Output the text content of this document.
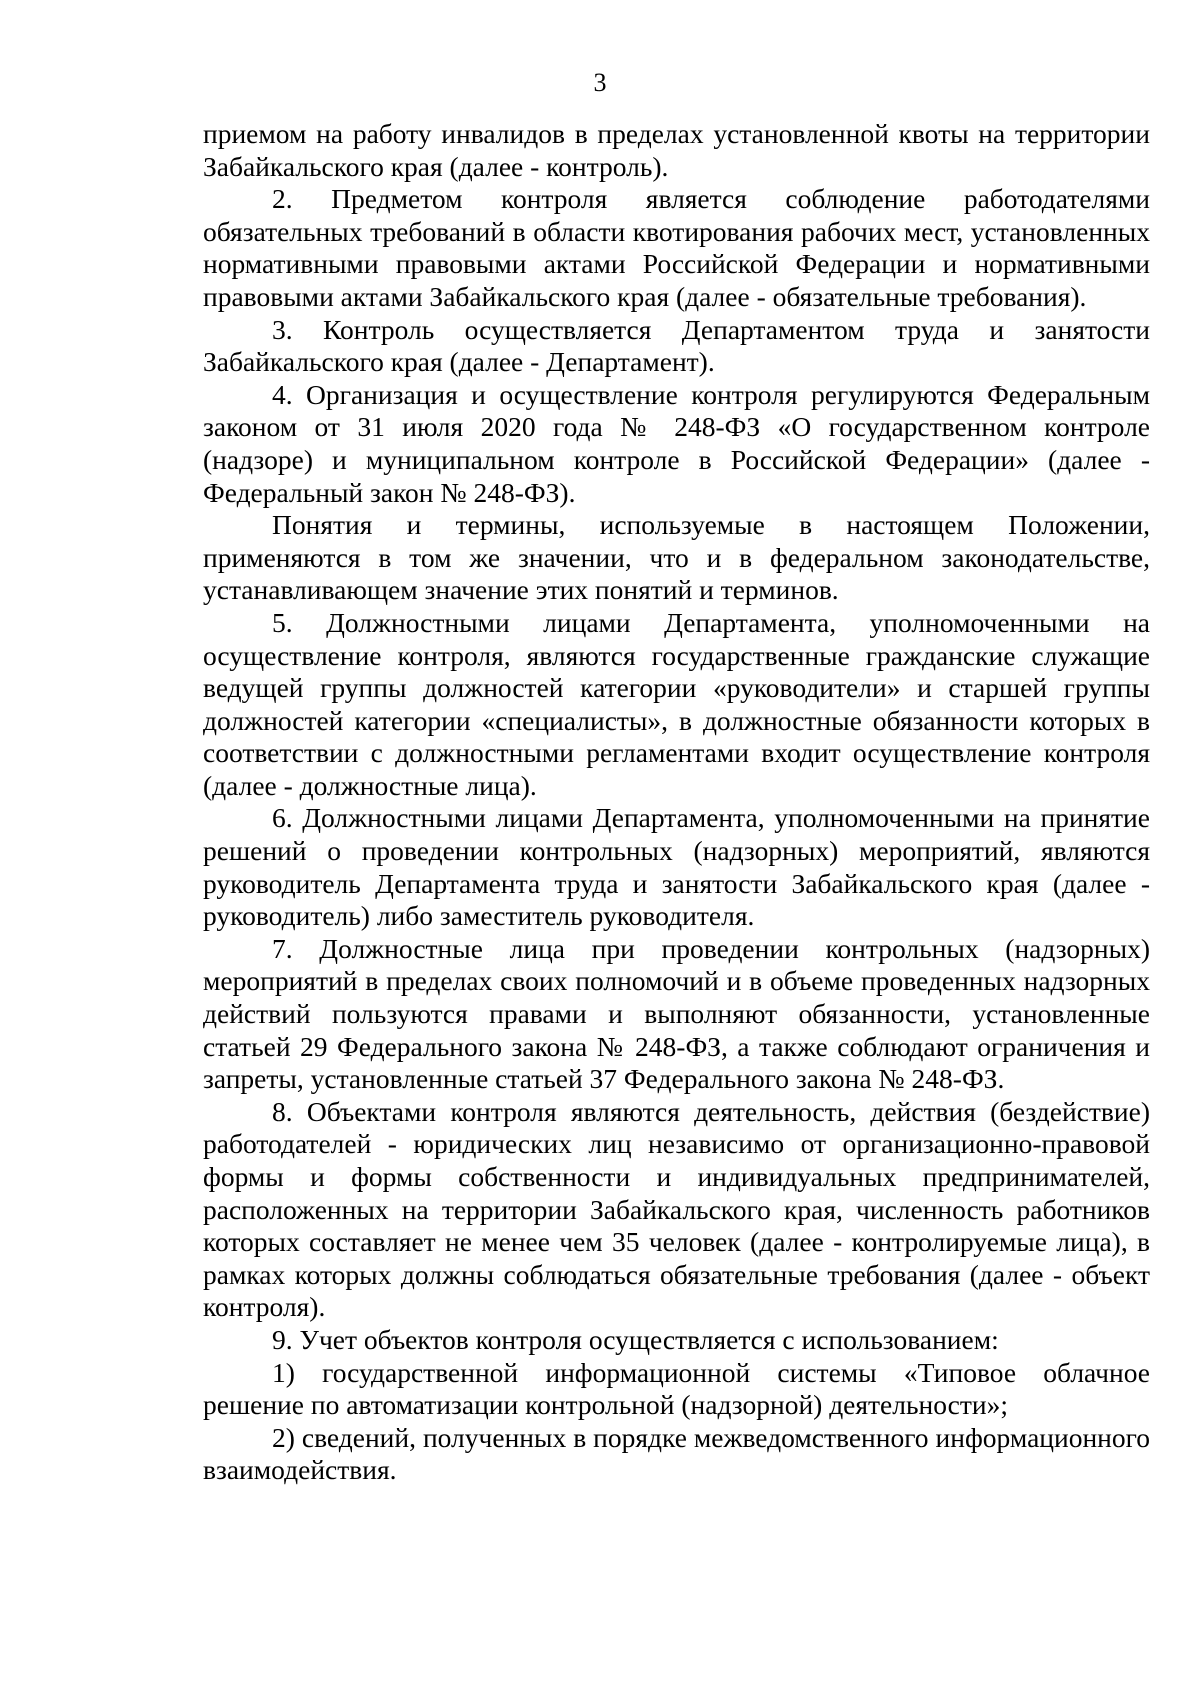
3

приемом на работу инвалидов в пределах установленной квоты на территории Забайкальского края (далее - контроль).

2. Предметом контроля является соблюдение работодателями обязательных требований в области квотирования рабочих мест, установленных нормативными правовыми актами Российской Федерации и нормативными правовыми актами Забайкальского края (далее - обязательные требования).

3. Контроль осуществляется Департаментом труда и занятости Забайкальского края (далее - Департамент).

4. Организация и осуществление контроля регулируются Федеральным законом от 31 июля 2020 года № 248-ФЗ «О государственном контроле (надзоре) и муниципальном контроле в Российской Федерации» (далее - Федеральный закон № 248-ФЗ).

Понятия и термины, используемые в настоящем Положении, применяются в том же значении, что и в федеральном законодательстве, устанавливающем значение этих понятий и терминов.

5. Должностными лицами Департамента, уполномоченными на осуществление контроля, являются государственные гражданские служащие ведущей группы должностей категории «руководители» и старшей группы должностей категории «специалисты», в должностные обязанности которых в соответствии с должностными регламентами входит осуществление контроля (далее - должностные лица).

6. Должностными лицами Департамента, уполномоченными на принятие решений о проведении контрольных (надзорных) мероприятий, являются руководитель Департамента труда и занятости Забайкальского края (далее - руководитель) либо заместитель руководителя.

7. Должностные лица при проведении контрольных (надзорных) мероприятий в пределах своих полномочий и в объеме проведенных надзорных действий пользуются правами и выполняют обязанности, установленные статьей 29 Федерального закона № 248-ФЗ, а также соблюдают ограничения и запреты, установленные статьей 37 Федерального закона № 248-ФЗ.

8. Объектами контроля являются деятельность, действия (бездействие) работодателей - юридических лиц независимо от организационно-правовой формы и формы собственности и индивидуальных предпринимателей, расположенных на территории Забайкальского края, численность работников которых составляет не менее чем 35 человек (далее - контролируемые лица), в рамках которых должны соблюдаться обязательные требования (далее - объект контроля).

9. Учет объектов контроля осуществляется с использованием:

1) государственной информационной системы «Типовое облачное решение по автоматизации контрольной (надзорной) деятельности»;

2) сведений, полученных в порядке межведомственного информационного взаимодействия.
